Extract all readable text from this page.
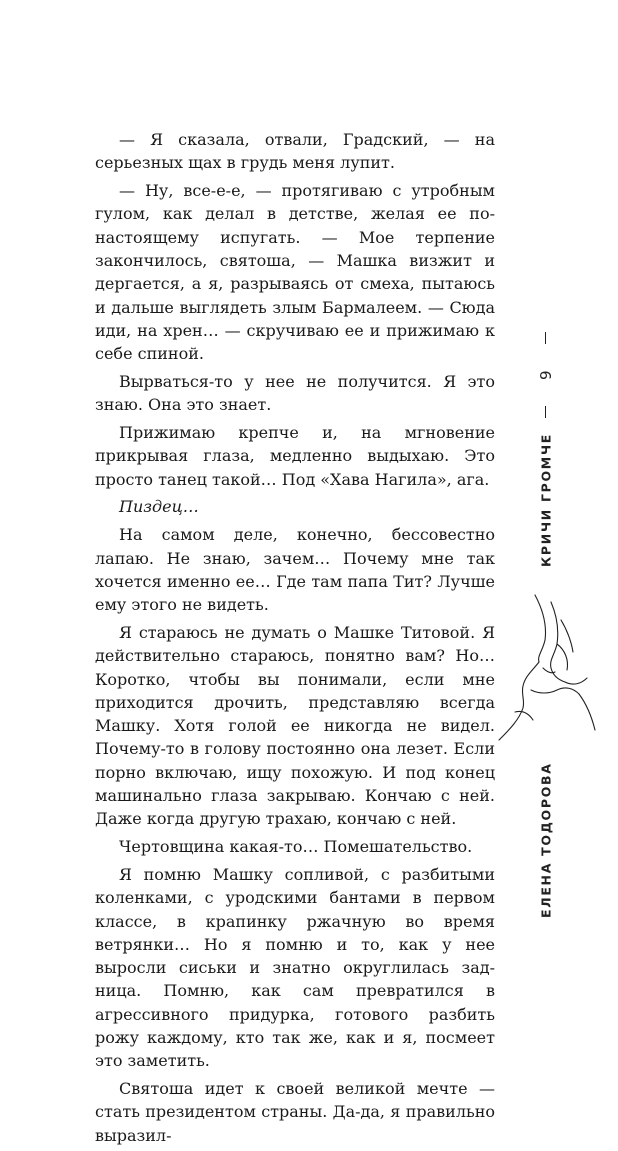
— Я сказала, отвали, Градский, — на серьезных щах в грудь меня лупит.

— Ну, все-е-е, — протягиваю с утробным гулом, как делал в детстве, желая ее по-настоящему испугать. — Мое терпение закончилось, святоша, — Машка визжит и дергается, а я, разрываясь от смеха, пытаюсь и дальше выглядеть злым Бармалеем. — Сюда иди, на хрен… — скручиваю ее и прижимаю к себе спиной.

Вырваться-то у нее не получится. Я это знаю. Она это знает.

Прижимаю крепче и, на мгновение прикрывая глаза, медленно выдыхаю. Это просто танец такой… Под «Хава Нагила», ага.

Пиздец…

На самом деле, конечно, бессовестно лапаю. Не знаю, зачем… Почему мне так хочется именно ее… Где там папа Тит? Лучше ему этого не видеть.

Я стараюсь не думать о Машке Титовой. Я действительно стараюсь, понятно вам? Но… Коротко, чтобы вы понимали, если мне приходится дрочить, представляю всегда Машку. Хотя голой ее никогда не видел. Почему-то в голову постоянно она лезет. Если порно включаю, ищу похожую. И под конец машинально глаза закрываю. Кончаю с ней. Даже когда другую трахаю, кончаю с ней.

Чертовщина какая-то… Помешательство.

Я помню Машку сопливой, с разбитыми коленками, с уродскими бантами в первом классе, в крапинку ржачную во время ветрянки… Но я помню и то, как у нее выросли сиськи и знатно округлилась задница. Помню, как сам превратился в агрессивного придурка, готового разбить рожу каждому, кто так же, как и я, посмеет это заметить.

Святоша идет к своей великой мечте — стать президентом страны. Да-да, я правильно выразил-

9
КРИЧИ ГРОМЧЕ
ЕЛЕНА ТОДОРОВА
